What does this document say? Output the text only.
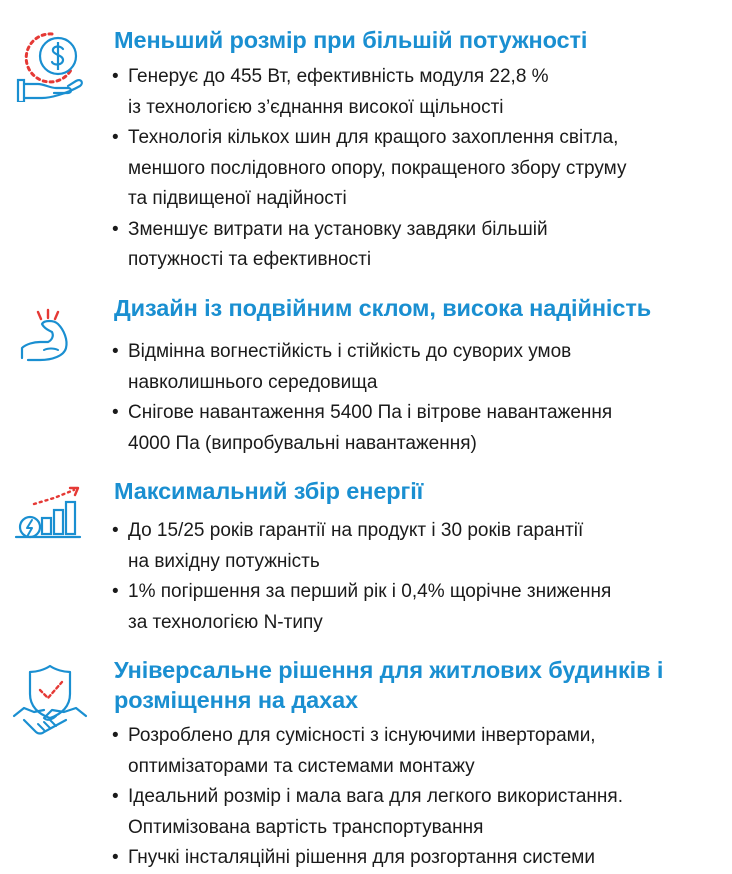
Меньший розмір при більшій потужності
• Генерує до 455 Вт, ефективність модуля 22,8 %
із технологією з’єднання високої щільності
• Технологія кількох шин для кращого захоплення світла,
меншого послідовного опору, покращеного збору струму
та підвищеної надійності
• Зменшує витрати на установку завдяки більшій
потужності та ефективності
Дизайн із подвійним склом, висока надійність
• Відмінна вогнестійкість і стійкість до суворих умов
навколишнього середовища
• Снігове навантаження 5400 Па і вітрове навантаження
4000 Па (випробувальні навантаження)
Максимальний збір енергії
• До 15/25 років гарантії на продукт і 30 років гарантії
на вихідну потужність
• 1% погіршення за перший рік і 0,4% щорічне зниження
за технологією N-типу
Універсальне рішення для житлових будинків і
розміщення на дахах
• Розроблено для сумісності з існуючими інверторами,
оптимізаторами та системами монтажу
• Ідеальний розмір і мала вага для легкого використання.
Оптимізована вартість транспортування
• Гнучкі інсталяційні рішення для розгортання системи
